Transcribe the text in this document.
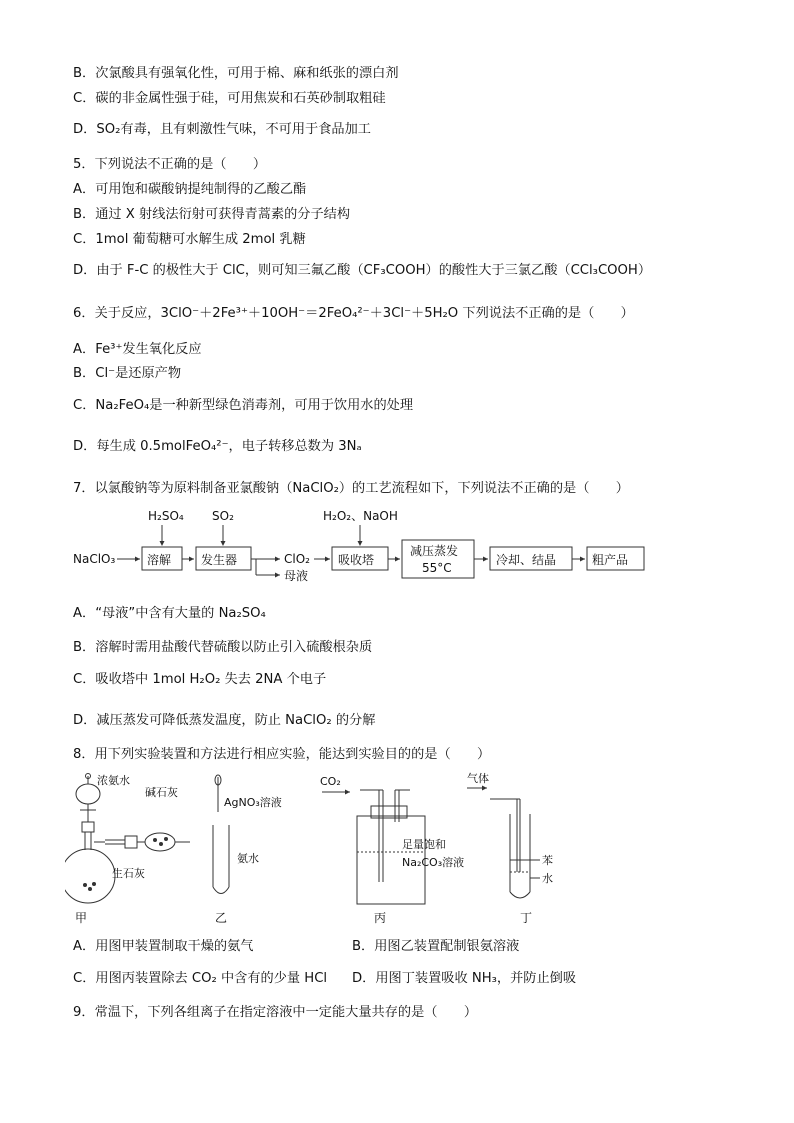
B．次氯酸具有强氧化性，可用于棉、麻和纸张的漂白剂
C．碳的非金属性强于硅，可用焦炭和石英砂制取粗硅
D．SO₂有毒，且有刺激性气味，不可用于食品加工
5．下列说法不正确的是（　　）
A．可用饱和碳酸钠提纯制得的乙酸乙酯
B．通过 X 射线法衍射可获得青蒿素的分子结构
C．1mol 葡萄糖可水解生成 2mol 乳糖
D．由于 F-C 的极性大于 ClC，则可知三氟乙酸（CF₃COOH）的酸性大于三氯乙酸（CCl₃COOH）
6．关于反应，3ClO⁻＋2Fe³⁺＋10OH⁻＝2FeO₄²⁻＋3Cl⁻＋5H₂O 下列说法不正确的是（　　）
A．Fe³⁺发生氧化反应
B．Cl⁻是还原产物
C．Na₂FeO₄是一种新型绿色消毒剂，可用于饮用水的处理
D．每生成 0.5molFeO₄²⁻，电子转移总数为 3Nₐ
7．以氯酸钠等为原料制备亚氯酸钠（NaClO₂）的工艺流程如下，下列说法不正确的是（　　）
NaClO₃
H₂SO₄
溶解
SO₂
发生器	ClO₂
母液
H₂O₂、NaOH
吸收塔
减压蒸发
55°C
冷却、结晶	粗产品
A．“母液”中含有大量的 Na₂SO₄
B．溶解时需用盐酸代替硫酸以防止引入硫酸根杂质
C．吸收塔中 1mol H₂O₂ 失去 2NA 个电子
D．减压蒸发可降低蒸发温度，防止 NaClO₂ 的分解
8．用下列实验装置和方法进行相应实验，能达到实验目的的是（　　）
浓氨水
碱石灰
生石灰
AgNO₃溶液
氨水
CO₂
足量饱和
Na₂CO₃溶液
气体
苯
水
甲	乙	丙	丁
A．用图甲装置制取干燥的氨气	B．用图乙装置配制银氨溶液
C．用图丙装置除去 CO₂ 中含有的少量 HCl D．用图丁装置吸收 NH₃，并防止倒吸
9．常温下，下列各组离子在指定溶液中一定能大量共存的是（　　）
